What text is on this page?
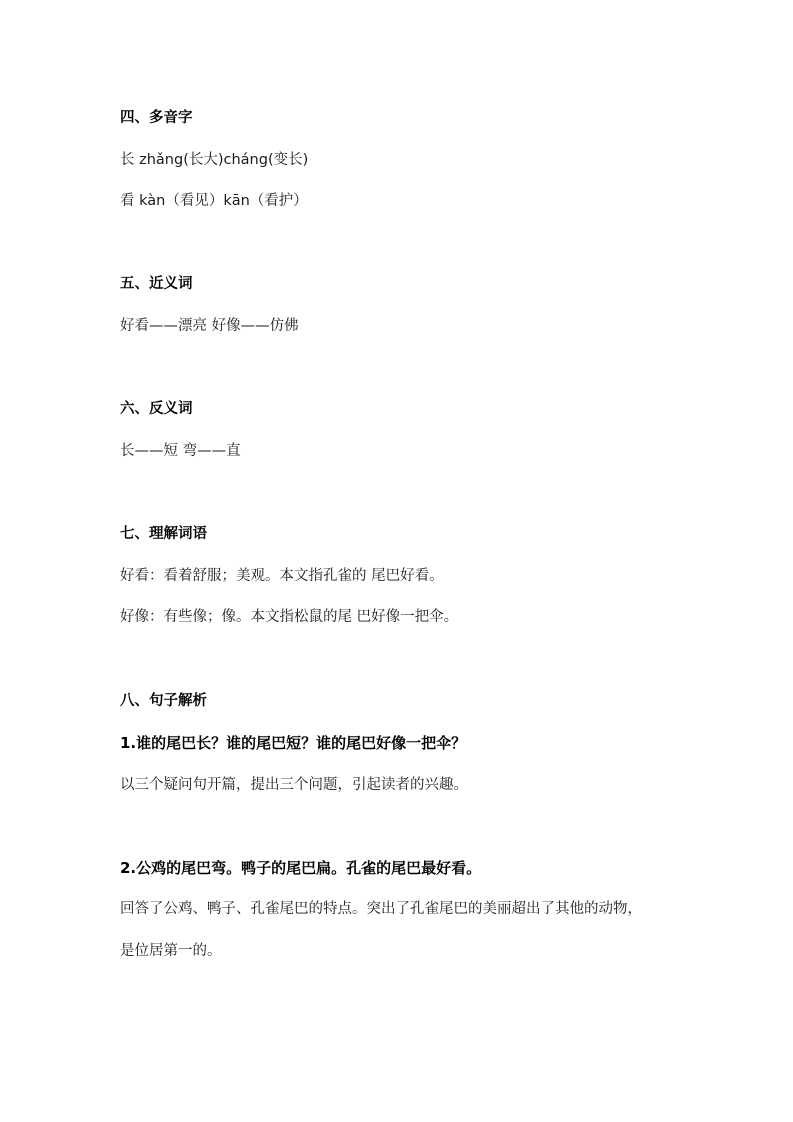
四、多音字
长 zhǎng(长大)cháng(变长)
看 kàn（看见）kān（看护）
五、近义词
好看——漂亮 好像——仿佛
六、反义词
长——短 弯——直
七、理解词语
好看：看着舒服；美观。本文指孔雀的 尾巴好看。
好像：有些像；像。本文指松鼠的尾 巴好像一把伞。
八、句子解析
1.谁的尾巴长？谁的尾巴短？谁的尾巴好像一把伞？
以三个疑问句开篇，提出三个问题，引起读者的兴趣。
2.公鸡的尾巴弯。鸭子的尾巴扁。孔雀的尾巴最好看。
回答了公鸡、鸭子、孔雀尾巴的特点。突出了孔雀尾巴的美丽超出了其他的动物，
是位居第一的。
